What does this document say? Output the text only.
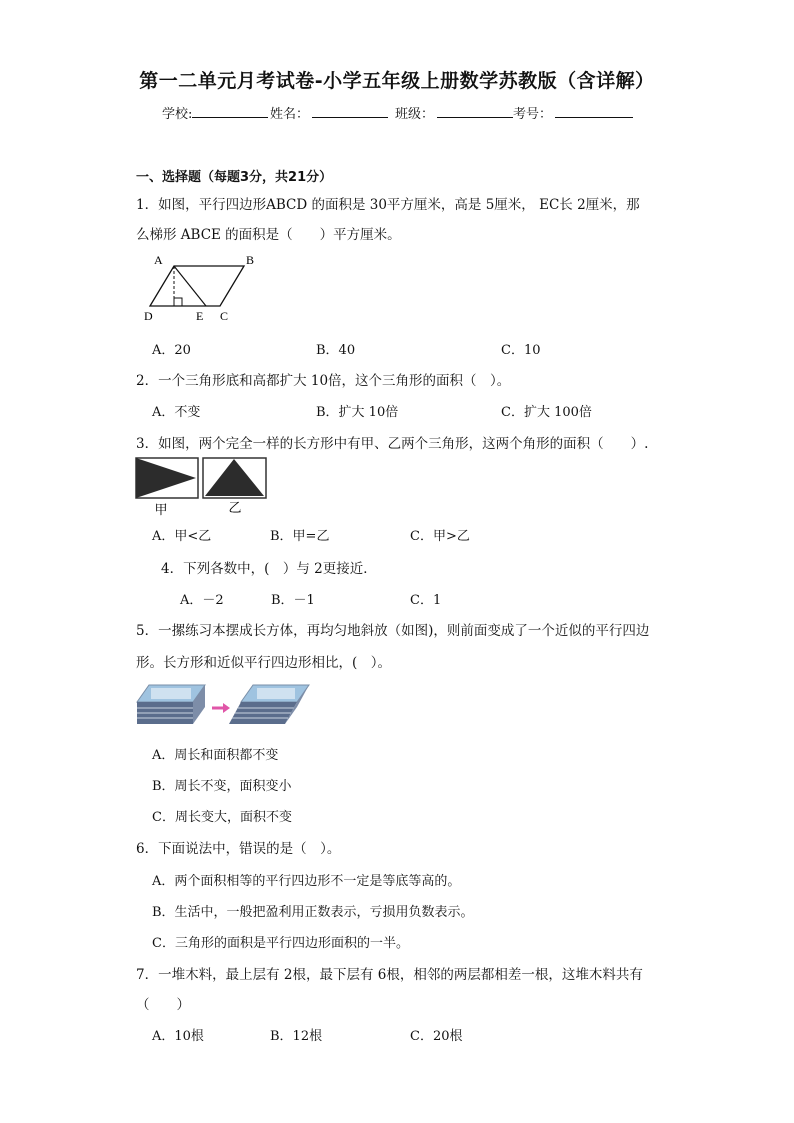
第一二单元月考试卷-小学五年级上册数学苏教版（含详解）
学校:	姓名：	班级：	考号：
一、选择题（每题3分，共21分）
1．如图，平行四边形ABCD 的面积是 30平方厘米，高是 5厘米， EC长 2厘米，那
么梯形 ABCE 的面积是（　　）平方厘米。
A	B
D	E C
A．20	B．40	C．10
2．一个三角形底和高都扩大 10倍，这个三角形的面积（　）。
A．不变	B．扩大 10倍	C．扩大 100倍
3．如图，两个完全一样的长方形中有甲、乙两个三角形，这两个角形的面积（　　）.
甲	乙
A．甲<乙	B．甲=乙	C．甲>乙
4．下列各数中，(　）与 2更接近．
A．－2	B．－1	C．1
5．一摞练习本摆成长方体，再均匀地斜放（如图)，则前面变成了一个近似的平行四边
形。长方形和近似平行四边形相比，(　）。
A．周长和面积都不变
B．周长不变，面积变小
C．周长变大，面积不变
6．下面说法中，错误的是（　）。
A．两个面积相等的平行四边形不一定是等底等高的。
B．生活中，一般把盈利用正数表示，亏损用负数表示。
C．三角形的面积是平行四边形面积的一半。
7．一堆木料，最上层有 2根，最下层有 6根，相邻的两层都相差一根，这堆木料共有
（　　）
A．10根	B．12根	C．20根
